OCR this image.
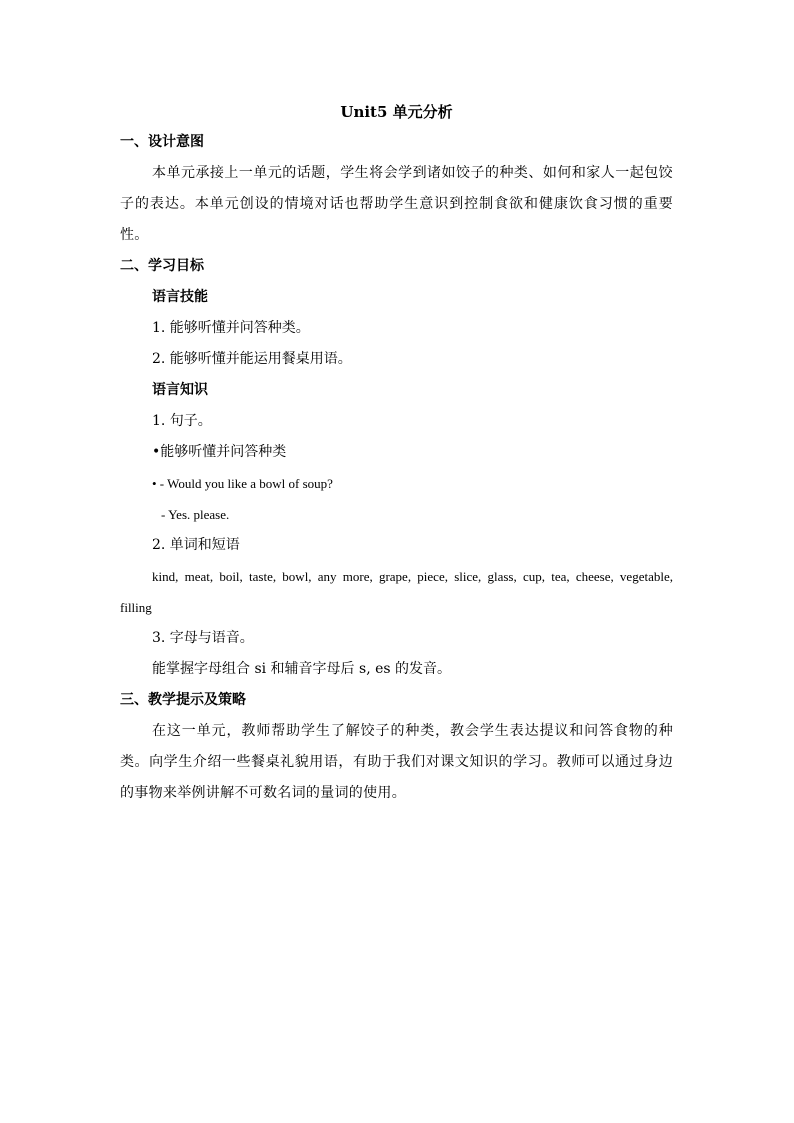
Unit5 单元分析

一、设计意图

本单元承接上一单元的话题，学生将会学到诸如饺子的种类、如何和家人一起包饺子的表达。本单元创设的情境对话也帮助学生意识到控制食欲和健康饮食习惯的重要性。

二、学习目标

语言技能

1. 能够听懂并问答种类。

2. 能够听懂并能运用餐桌用语。

语言知识

1. 句子。

•能够听懂并问答种类

• - Would you like a bowl of soup?

- Yes. please.

2. 单词和短语

kind, meat, boil, taste, bowl, any more, grape, piece, slice, glass, cup, tea, cheese, vegetable, filling

3. 字母与语音。

能掌握字母组合 si 和辅音字母后 s, es 的发音。

三、教学提示及策略

在这一单元，教师帮助学生了解饺子的种类，教会学生表达提议和问答食物的种类。向学生介绍一些餐桌礼貌用语，有助于我们对课文知识的学习。教师可以通过身边的事物来举例讲解不可数名词的量词的使用。
